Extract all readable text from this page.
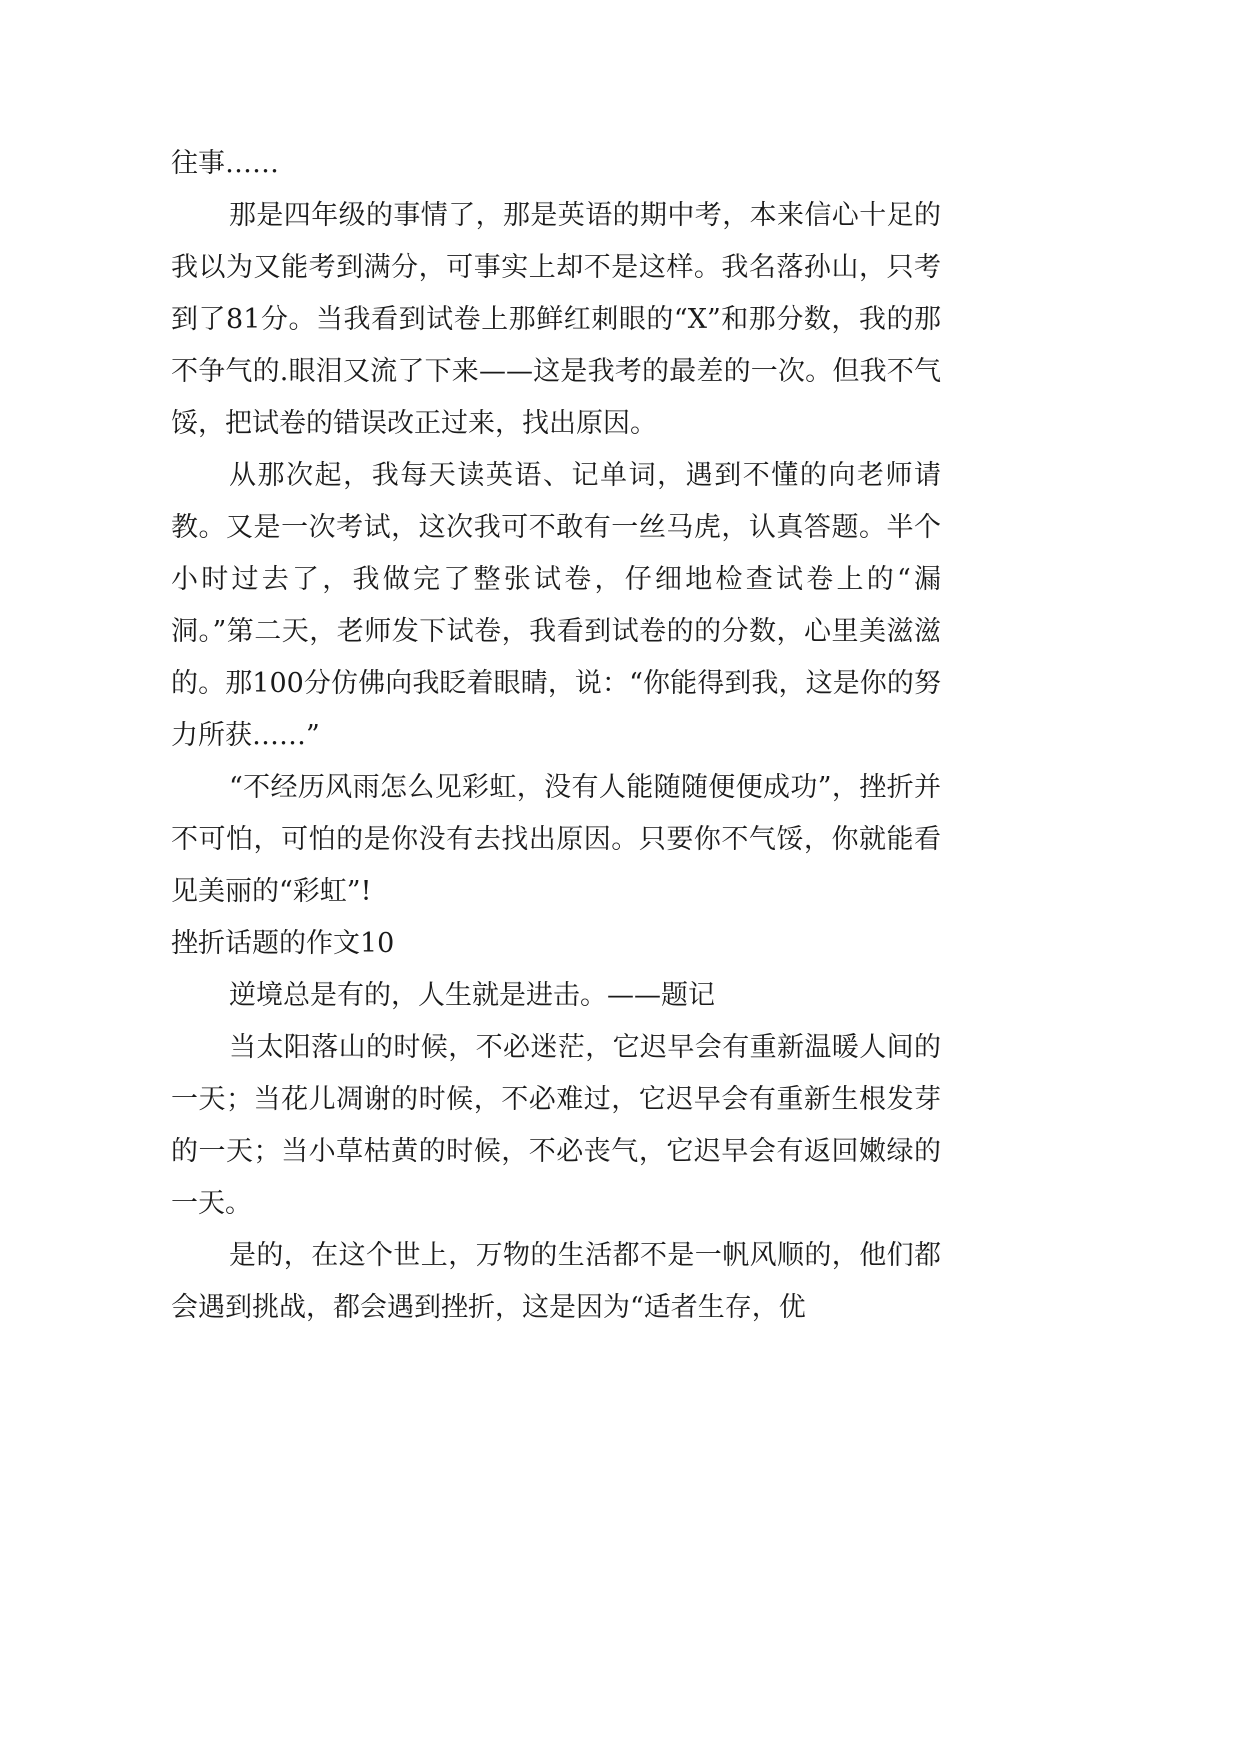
往事……

那是四年级的事情了，那是英语的期中考，本来信心十足的我以为又能考到满分，可事实上却不是这样。我名落孙山，只考到了81分。当我看到试卷上那鲜红刺眼的“X”和那分数，我的那不争气的.眼泪又流了下来——这是我考的最差的一次。但我不气馁，把试卷的错误改正过来，找出原因。

从那次起，我每天读英语、记单词，遇到不懂的向老师请教。又是一次考试，这次我可不敢有一丝马虎，认真答题。半个小时过去了，我做完了整张试卷，仔细地检查试卷上的“漏洞。”第二天，老师发下试卷，我看到试卷的的分数，心里美滋滋的。那100分仿佛向我眨着眼睛，说：“你能得到我，这是你的努力所获……”

“不经历风雨怎么见彩虹，没有人能随随便便成功”，挫折并不可怕，可怕的是你没有去找出原因。只要你不气馁，你就能看见美丽的“彩虹”!

挫折话题的作文10

逆境总是有的，人生就是进击。——题记

当太阳落山的时候，不必迷茫，它迟早会有重新温暖人间的一天；当花儿凋谢的时候，不必难过，它迟早会有重新生根发芽的一天；当小草枯黄的时候，不必丧气，它迟早会有返回嫩绿的一天。

是的，在这个世上，万物的生活都不是一帆风顺的，他们都会遇到挑战，都会遇到挫折，这是因为“适者生存，优
